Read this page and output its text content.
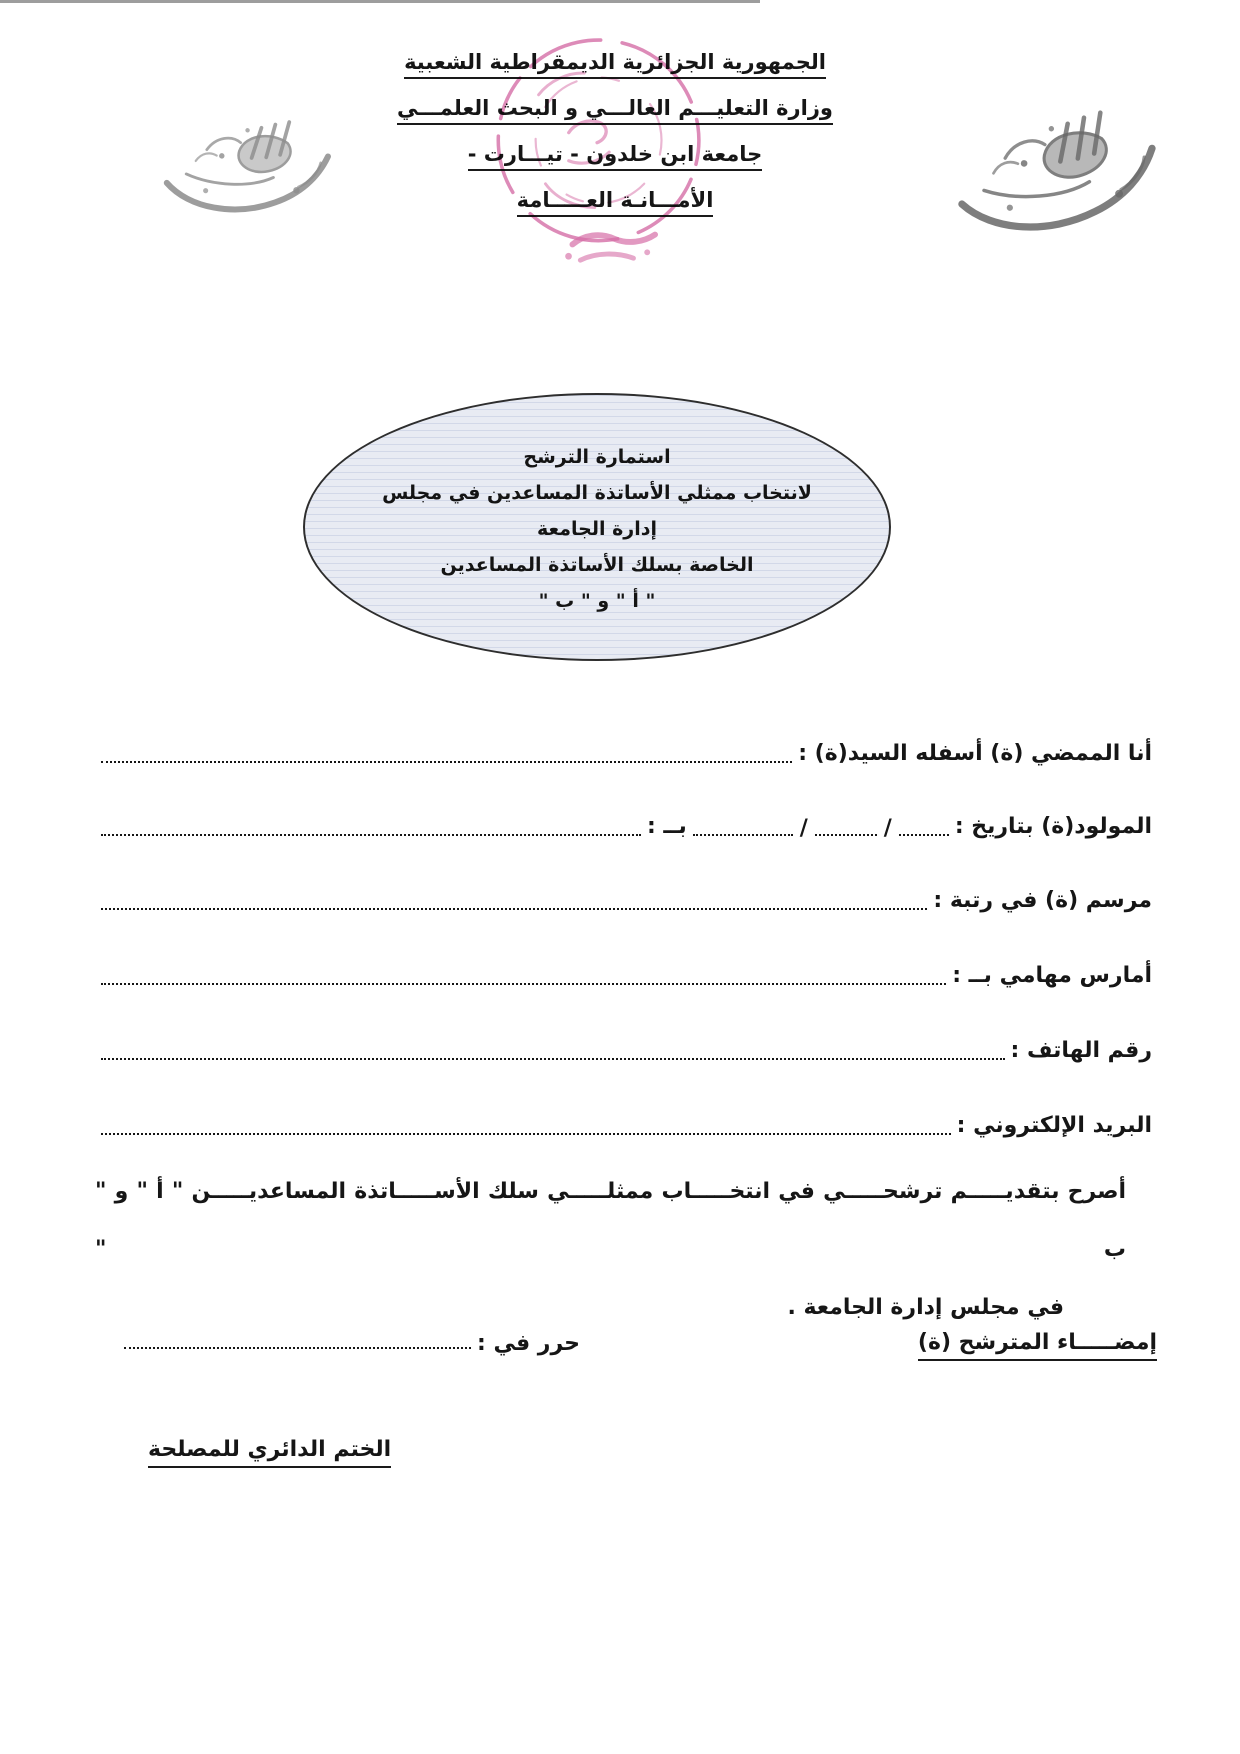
الجمهورية الجزائرية الديمقراطية الشعبية
وزارة التعليـــم العالـــي و البحث العلمـــي
جامعة ابن خلدون - تيـــارت -
الأمـــانـة العـــــامة
استمارة الترشح
لانتخاب ممثلي الأساتذة المساعدين في مجلس
إدارة الجامعة
الخاصة بسلك الأساتذة المساعدين
" أ " و " ب "
أنا الممضي (ة) أسفله السيد(ة) :
المولود(ة) بتاريخ :
/
/
بــ :
مرسم (ة) في رتبة :
أمارس مهامي بــ :
رقم الهاتف :
البريد الإلكتروني :
أصرح بتقديـــــم ترشحـــــي في انتخـــــاب ممثلـــــي سلك الأســـــاتذة المساعديـــــن " أ " و " ب "
في مجلس إدارة الجامعة .
إمضـــــاء المترشح (ة)
حرر في :
الختم الدائري للمصلحة
